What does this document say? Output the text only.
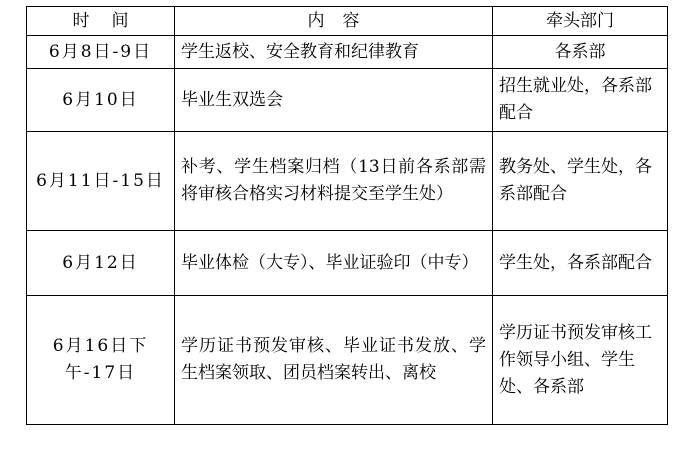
时间	内容	牵头部门
6月8日-9日	学生返校、安全教育和纪律教育	各系部
6月10日	毕业生双选会	招生就业处，各系部配合
6月11日-15日	补考、学生档案归档（13日前各系部需将审核合格实习材料提交至学生处）	教务处、学生处，各系部配合
6月12日	毕业体检（大专）、毕业证验印（中专）	学生处，各系部配合
6月16日下午-17日	学历证书预发审核、毕业证书发放、学生档案领取、团员档案转出、离校	学历证书预发审核工作领导小组、学生处、各系部
